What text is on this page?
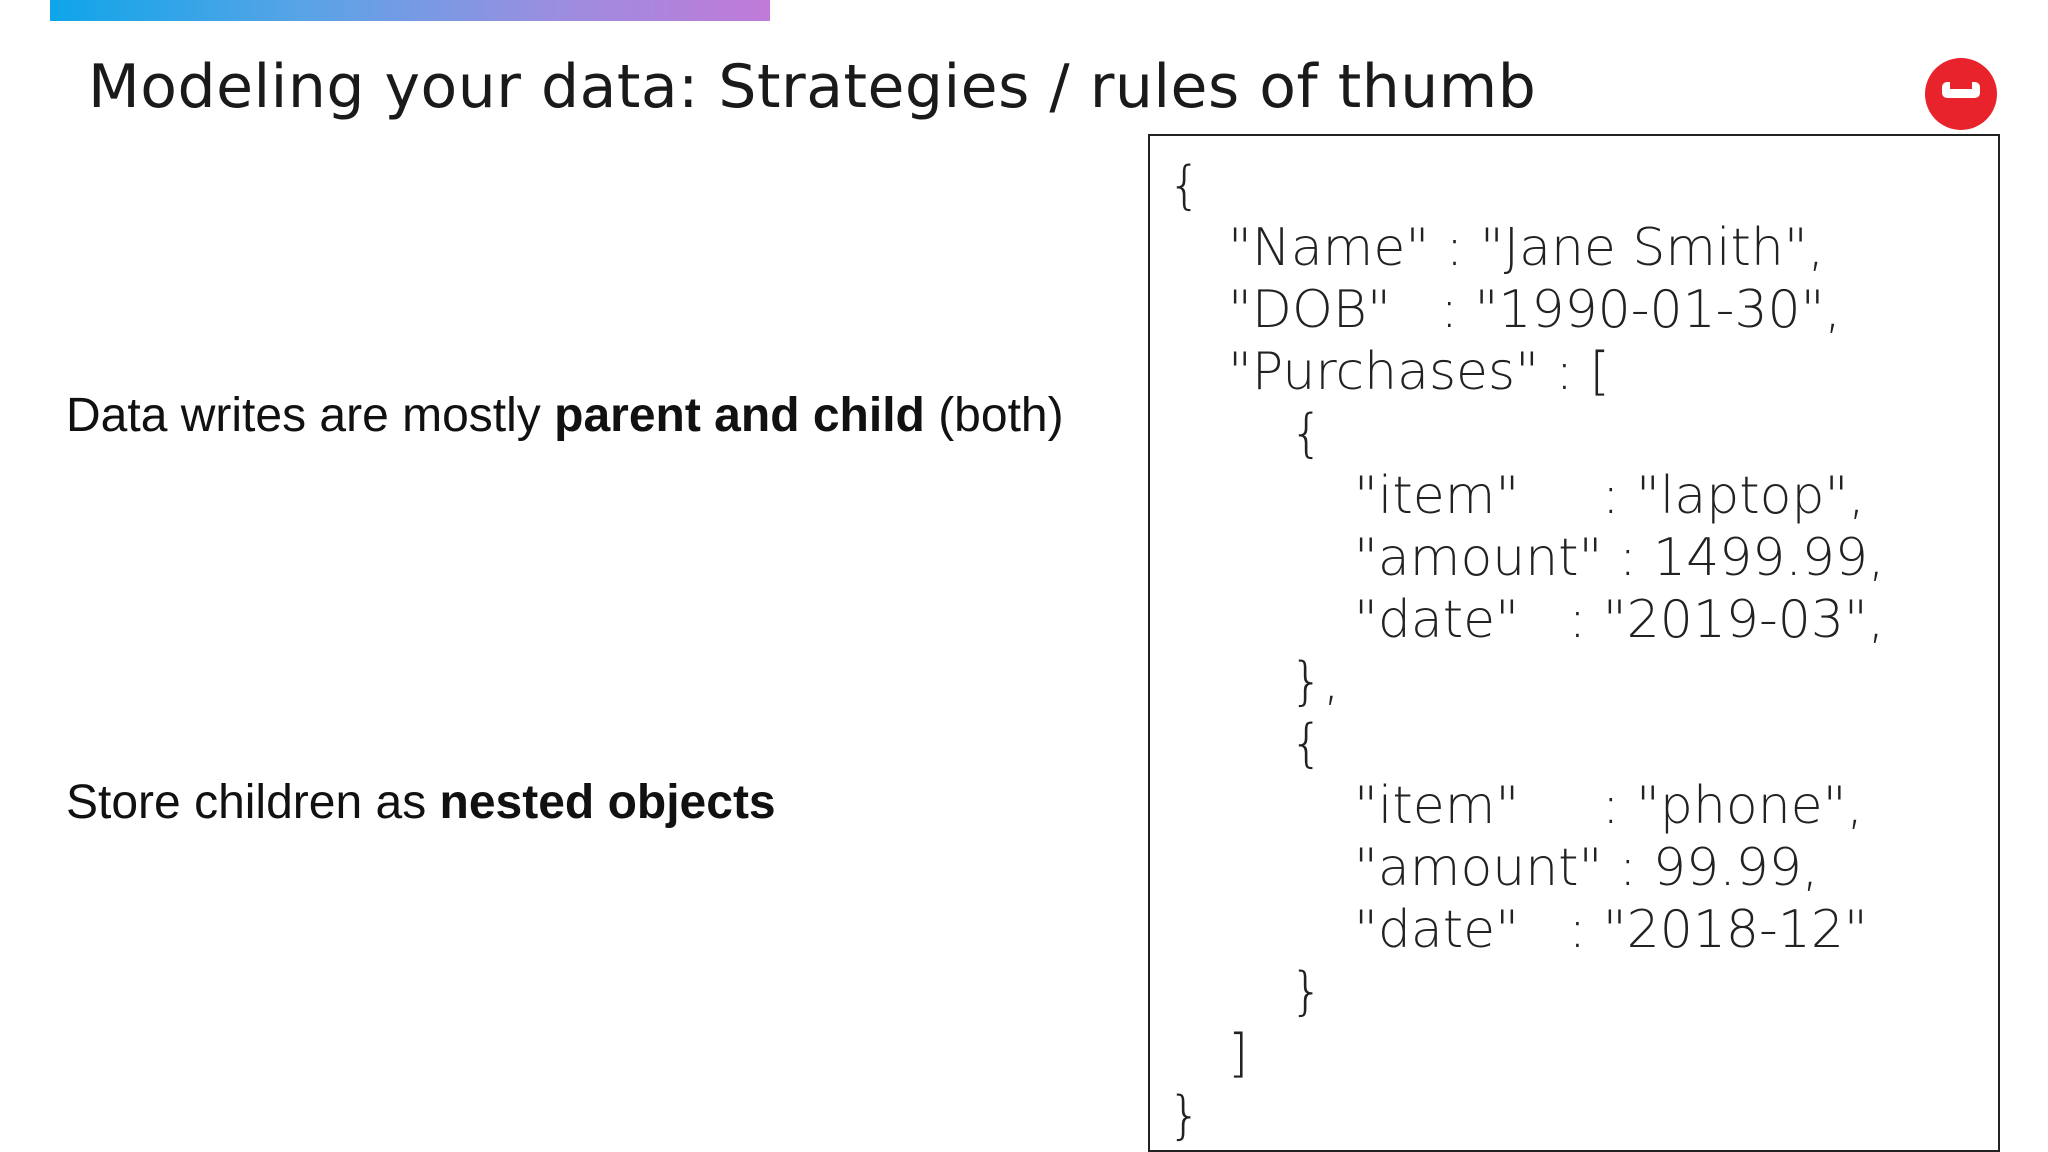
Modeling your data: Strategies / rules of thumb
Data writes are mostly parent and child (both)
Store children as nested objects
{
"Name" : "Jane Smith",
"DOB"   : "1990-01-30",
"Purchases" : [
{
"item"     : "laptop",
"amount" : 1499.99,
"date"   : "2019-03",
},
{
"item"     : "phone",
"amount" : 99.99,
"date"   : "2018-12"
}
]
}
